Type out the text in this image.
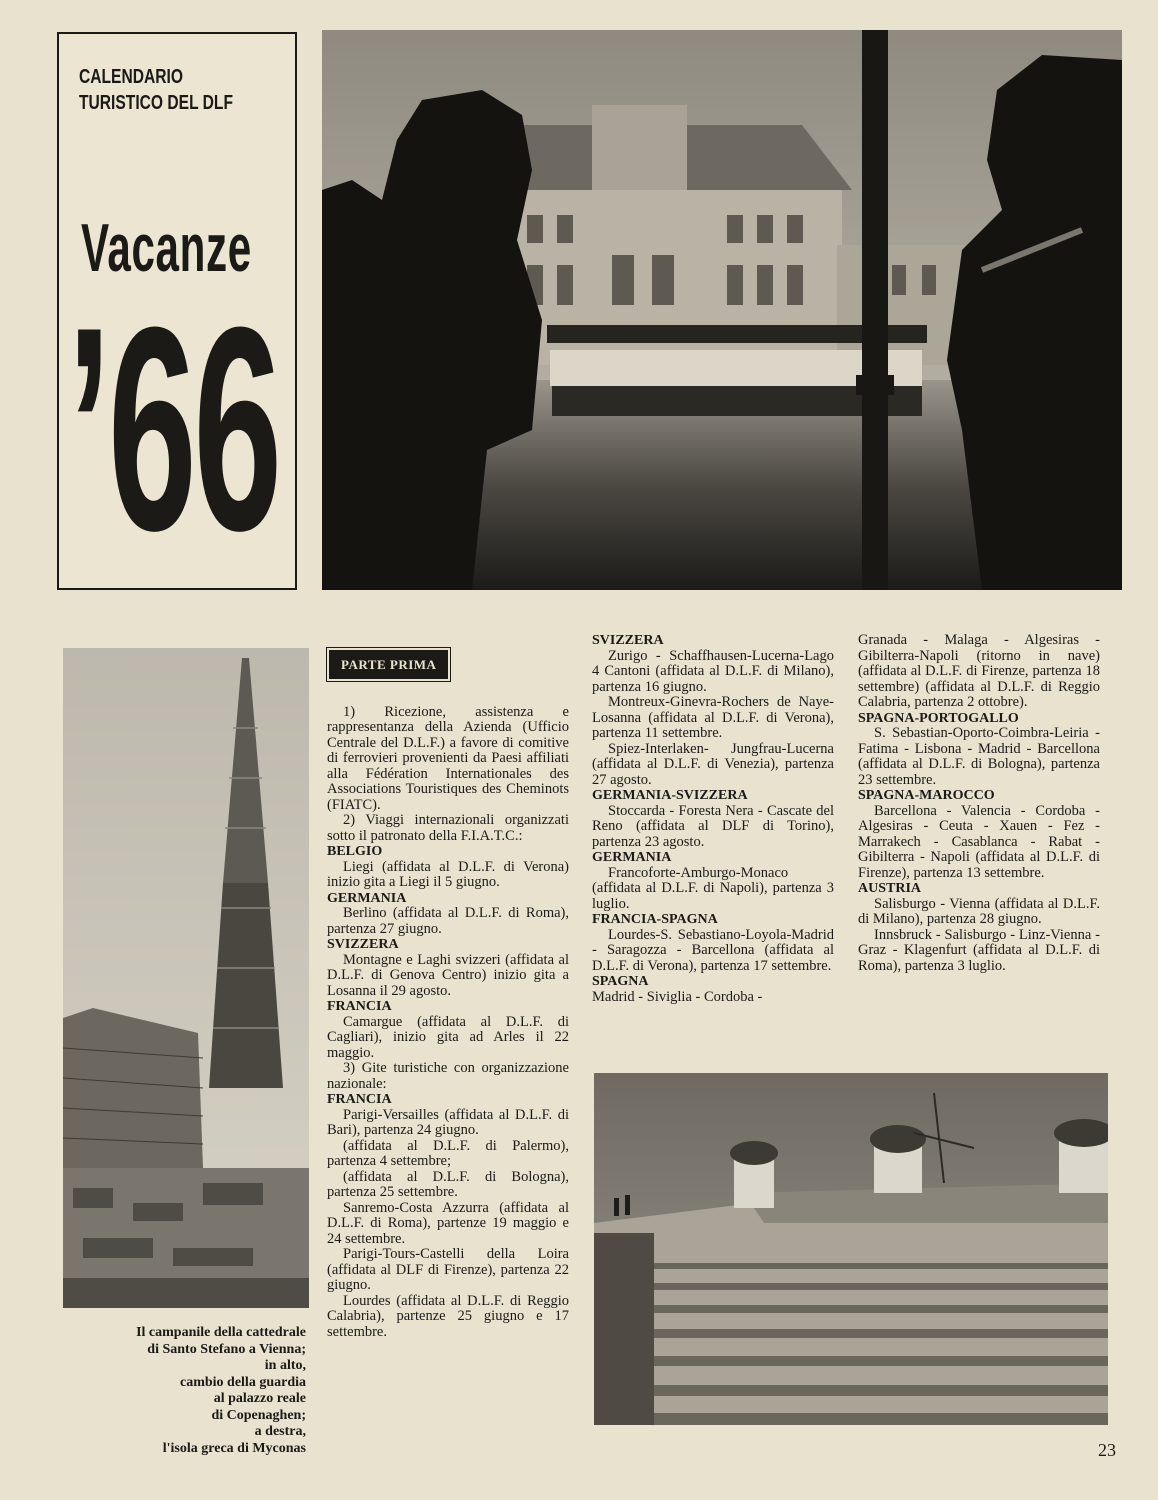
CALENDARIO
TURISTICO DEL DLF
Vacanze
’66
Il campanile della cattedrale
di Santo Stefano a Vienna;
in alto,
cambio della guardia
al palazzo reale
di Copenaghen;
a destra,
l'isola greca di Myconas
PARTE PRIMA

1) Ricezione, assistenza e rappresentanza della Azienda (Ufficio Centrale del D.L.F.) a favore di comitive di ferrovieri provenienti da Paesi affiliati alla Fédération Internationales des Associations Touristiques des Cheminots (FIATC).

2) Viaggi internazionali organizzati sotto il patronato della F.I.A.T.C.:

BELGIO

Liegi (affidata al D.L.F. di Verona) inizio gita a Liegi il 5 giugno.

GERMANIA

Berlino (affidata al D.L.F. di Roma), partenza 27 giugno.

SVIZZERA

Montagne e Laghi svizzeri (affidata al D.L.F. di Genova Centro) inizio gita a Losanna il 29 agosto.

FRANCIA

Camargue (affidata al D.L.F. di Cagliari), inizio gita ad Arles il 22 maggio.

3) Gite turistiche con organizzazione nazionale:

FRANCIA

Parigi-Versailles (affidata al D.L.F. di Bari), partenza 24 giugno.

(affidata al D.L.F. di Palermo), partenza 4 settembre;

(affidata al D.L.F. di Bologna), partenza 25 settembre.

Sanremo-Costa Azzurra (affidata al D.L.F. di Roma), partenze 19 maggio e 24 settembre.

Parigi-Tours-Castelli della Loira (affidata al DLF di Firenze), partenza 22 giugno.

Lourdes (affidata al D.L.F. di Reggio Calabria), partenze 25 giugno e 17 settembre.

SVIZZERA

Zurigo - Schaffhausen-Lucerna-Lago 4 Cantoni (affidata al D.L.F. di Milano), partenza 16 giugno.

Montreux-Ginevra-Rochers de Naye-Losanna (affidata al D.L.F. di Verona), partenza 11 settembre.

Spiez-Interlaken- Jungfrau-Lucerna (affidata al D.L.F. di Venezia), partenza 27 agosto.

GERMANIA-SVIZZERA

Stoccarda - Foresta Nera - Cascate del Reno (affidata al DLF di Torino), partenza 23 agosto.

GERMANIA

Francoforte-Amburgo-Monaco (affidata al D.L.F. di Napoli), partenza 3 luglio.

FRANCIA-SPAGNA

Lourdes-S. Sebastiano-Loyola-Madrid - Saragozza - Barcellona (affidata al D.L.F. di Verona), partenza 17 settembre.

SPAGNA

Madrid - Siviglia - Cordoba -

Granada - Malaga - Algesiras - Gibilterra-Napoli (ritorno in nave) (affidata al D.L.F. di Firenze, partenza 18 settembre) (affidata al D.L.F. di Reggio Calabria, partenza 2 ottobre).

SPAGNA-PORTOGALLO

S. Sebastian-Oporto-Coimbra-Leiria - Fatima - Lisbona - Madrid - Barcellona (affidata al D.L.F. di Bologna), partenza 23 settembre.

SPAGNA-MAROCCO

Barcellona - Valencia - Cordoba - Algesiras - Ceuta - Xauen - Fez - Marrakech - Casablanca - Rabat - Gibilterra - Napoli (affidata al D.L.F. di Firenze), partenza 13 settembre.

AUSTRIA

Salisburgo - Vienna (affidata al D.L.F. di Milano), partenza 28 giugno.

Innsbruck - Salisburgo - Linz-Vienna - Graz - Klagenfurt (affidata al D.L.F. di Roma), partenza 3 luglio.

23
